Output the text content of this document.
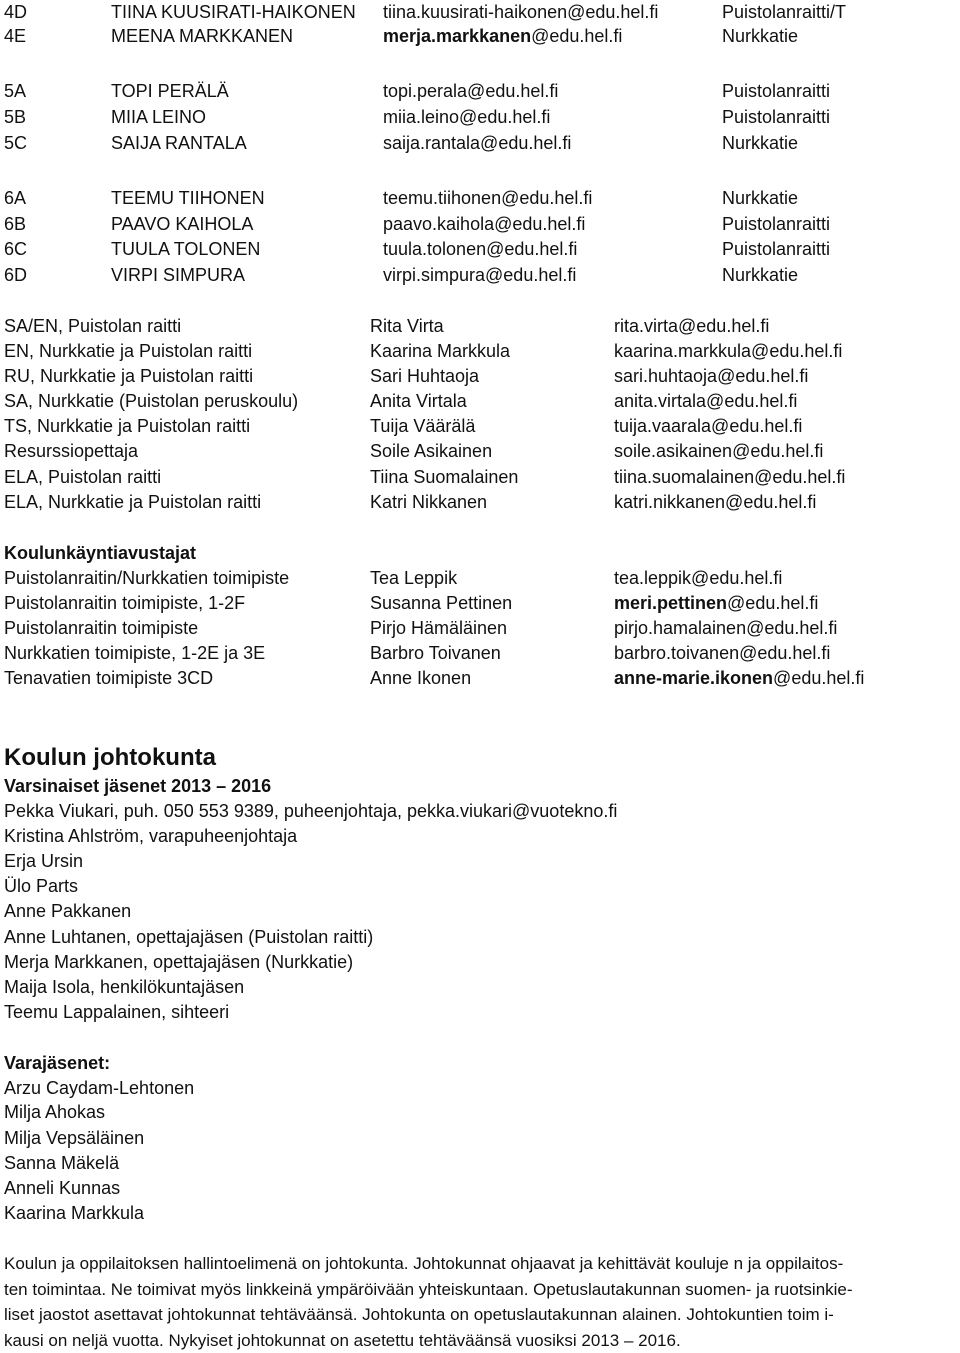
4D	TIINA KUUSIRATI-HAIKONEN tiina.kuusirati-haikonen@edu.hel.fi	Puistolanraitti/T
4E	MEENA MARKKANEN	merja.markkanen@edu.hel.fi	Nurkkatie
5A	TOPI PERÄLÄ	topi.perala@edu.hel.fi	Puistolanraitti
5B	MIIA LEINO	miia.leino@edu.hel.fi	Puistolanraitti
5C	SAIJA RANTALA	saija.rantala@edu.hel.fi	Nurkkatie
6A	TEEMU TIIHONEN	teemu.tiihonen@edu.hel.fi	Nurkkatie
6B	PAAVO KAIHOLA	paavo.kaihola@edu.hel.fi	Puistolanraitti
6C	TUULA TOLONEN	tuula.tolonen@edu.hel.fi	Puistolanraitti
6D	VIRPI SIMPURA	virpi.simpura@edu.hel.fi	Nurkkatie
SA/EN, Puistolan raitti	Rita Virta	rita.virta@edu.hel.fi
EN, Nurkkatie ja Puistolan raitti	Kaarina Markkula	kaarina.markkula@edu.hel.fi
RU, Nurkkatie ja Puistolan raitti	Sari Huhtaoja	sari.huhtaoja@edu.hel.fi
SA, Nurkkatie (Puistolan peruskoulu)	Anita Virtala	anita.virtala@edu.hel.fi
TS, Nurkkatie ja Puistolan raitti	Tuija Väärälä	tuija.vaarala@edu.hel.fi
Resurssiopettaja	Soile Asikainen	soile.asikainen@edu.hel.fi
ELA, Puistolan raitti	Tiina Suomalainen	tiina.suomalainen@edu.hel.fi
ELA, Nurkkatie ja Puistolan raitti	Katri Nikkanen	katri.nikkanen@edu.hel.fi
Koulunkäyntiavustajat
Puistolanraitin/Nurkkatien toimipiste	Tea Leppik	tea.leppik@edu.hel.fi
Puistolanraitin toimipiste, 1-2F	Susanna Pettinen	meri.pettinen@edu.hel.fi
Puistolanraitin toimipiste	Pirjo Hämäläinen	pirjo.hamalainen@edu.hel.fi
Nurkkatien toimipiste, 1-2E ja 3E	Barbro Toivanen	barbro.toivanen@edu.hel.fi
Tenavatien toimipiste 3CD	Anne Ikonen	anne-marie.ikonen@edu.hel.fi
Koulun johtokunta
Varsinaiset jäsenet 2013 – 2016
Pekka Viukari, puh. 050 553 9389, puheenjohtaja, pekka.viukari@vuotekno.fi
Kristina Ahlström, varapuheenjohtaja
Erja Ursin
Ülo Parts
Anne Pakkanen
Anne Luhtanen, opettajajäsen (Puistolan raitti)
Merja Markkanen, opettajajäsen (Nurkkatie)
Maija Isola, henkilökuntajäsen
Teemu Lappalainen, sihteeri
Varajäsenet:
Arzu Caydam-Lehtonen
Milja Ahokas
Milja Vepsäläinen
Sanna Mäkelä
Anneli Kunnas
Kaarina Markkula
Koulun ja oppilaitoksen hallintoelimenä on johtokunta. Johtokunnat ohjaavat ja kehittävät kouluje n ja oppilaitos-
ten toimintaa. Ne toimivat myös linkkeinä ympäröivään yhteiskuntaan. Opetuslautakunnan suomen- ja ruotsinkie-
liset jaostot asettavat johtokunnat tehtäväänsä. Johtokunta on opetuslautakunnan alainen. Johtokuntien toim i-
kausi on neljä vuotta. Nykyiset johtokunnat on asetettu tehtäväänsä vuosiksi 2013 – 2016.
